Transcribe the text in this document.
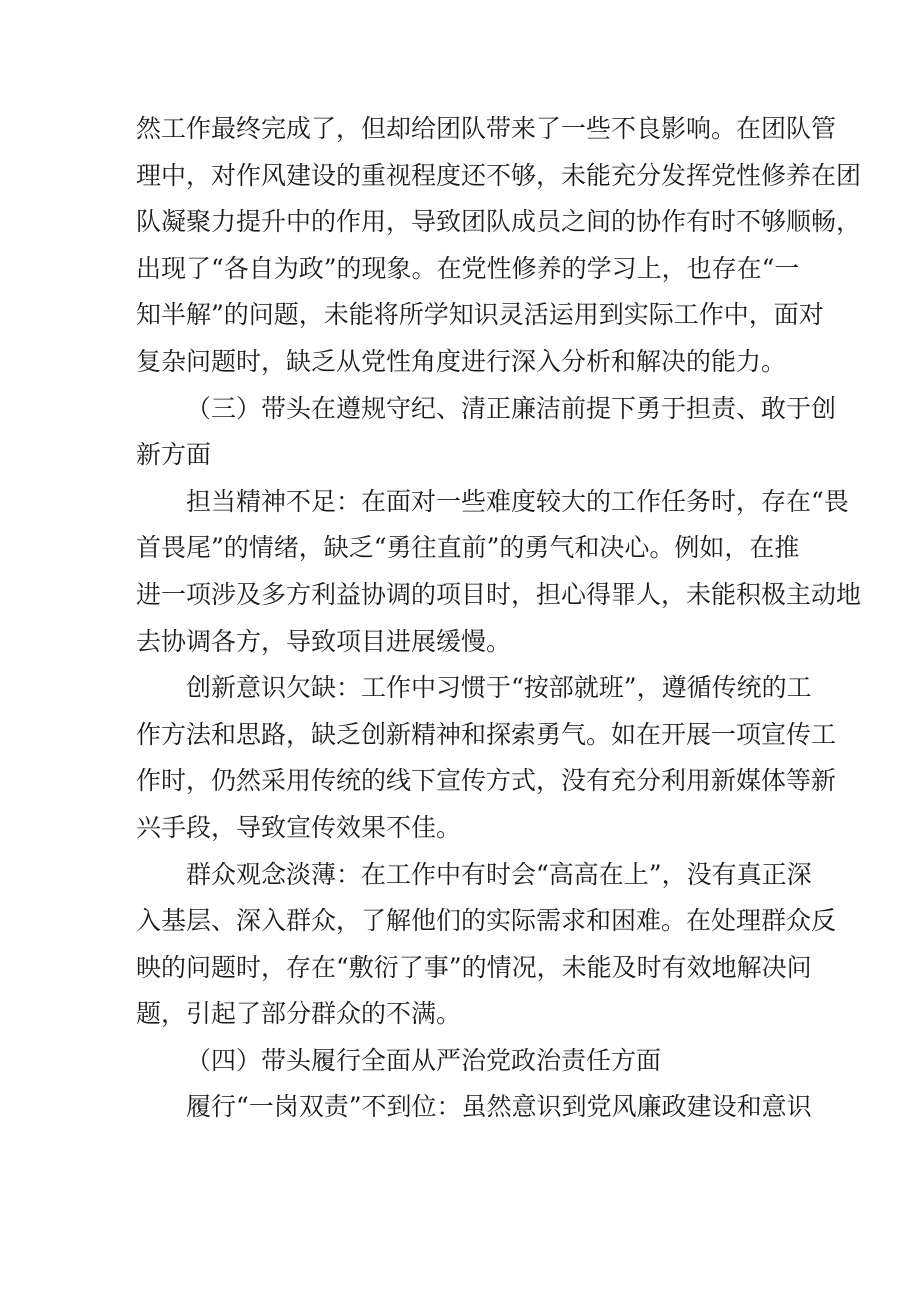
然工作最终完成了，但却给团队带来了一些不良影响。在团队管
理中，对作风建设的重视程度还不够，未能充分发挥党性修养在团
队凝聚力提升中的作用，导致团队成员之间的协作有时不够顺畅，
出现了“各自为政”的现象。在党性修养的学习上，也存在“一
知半解”的问题，未能将所学知识灵活运用到实际工作中，面对
复杂问题时，缺乏从党性角度进行深入分析和解决的能力。
（三）带头在遵规守纪、清正廉洁前提下勇于担责、敢于创
新方面
担当精神不足：在面对一些难度较大的工作任务时，存在“畏
首畏尾”的情绪，缺乏“勇往直前”的勇气和决心。例如，在推
进一项涉及多方利益协调的项目时，担心得罪人，未能积极主动地
去协调各方，导致项目进展缓慢。
创新意识欠缺：工作中习惯于“按部就班”，遵循传统的工
作方法和思路，缺乏创新精神和探索勇气。如在开展一项宣传工
作时，仍然采用传统的线下宣传方式，没有充分利用新媒体等新
兴手段，导致宣传效果不佳。
群众观念淡薄：在工作中有时会“高高在上”，没有真正深
入基层、深入群众，了解他们的实际需求和困难。在处理群众反
映的问题时，存在“敷衍了事”的情况，未能及时有效地解决问
题，引起了部分群众的不满。
（四）带头履行全面从严治党政治责任方面
履行“一岗双责”不到位：虽然意识到党风廉政建设和意识
